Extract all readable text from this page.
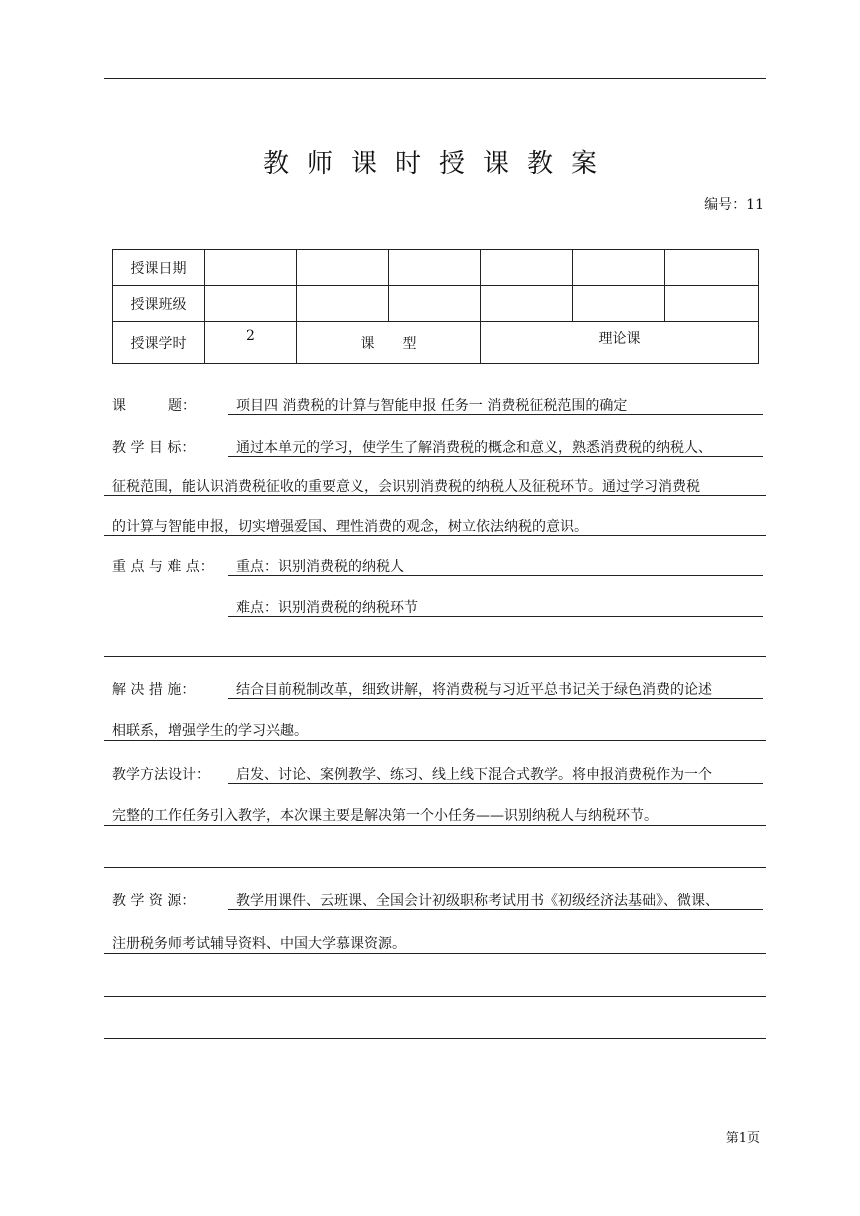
教师课时授课教案
编号：11
授课日期						
授课班级						
授课学时	2	课　　型		理论课		
课　　　题：	项目四 消费税的计算与智能申报 任务一 消费税征税范围的确定
教 学 目 标：	通过本单元的学习，使学生了解消费税的概念和意义，熟悉消费税的纳税人、
征税范围，能认识消费税征收的重要意义，会识别消费税的纳税人及征税环节。通过学习消费税
的计算与智能申报，切实增强爱国、理性消费的观念，树立依法纳税的意识。
重 点 与 难 点： 重点：识别消费税的纳税人
难点：识别消费税的纳税环节
解 决 措 施：	结合目前税制改革，细致讲解，将消费税与习近平总书记关于绿色消费的论述
相联系，增强学生的学习兴趣。
教学方法设计： 启发、讨论、案例教学、练习、线上线下混合式教学。将申报消费税作为一个
完整的工作任务引入教学，本次课主要是解决第一个小任务——识别纳税人与纳税环节。
教 学 资 源：	教学用课件、云班课、全国会计初级职称考试用书《初级经济法基础》、微课、
注册税务师考试辅导资料、中国大学慕课资源。
第1页
